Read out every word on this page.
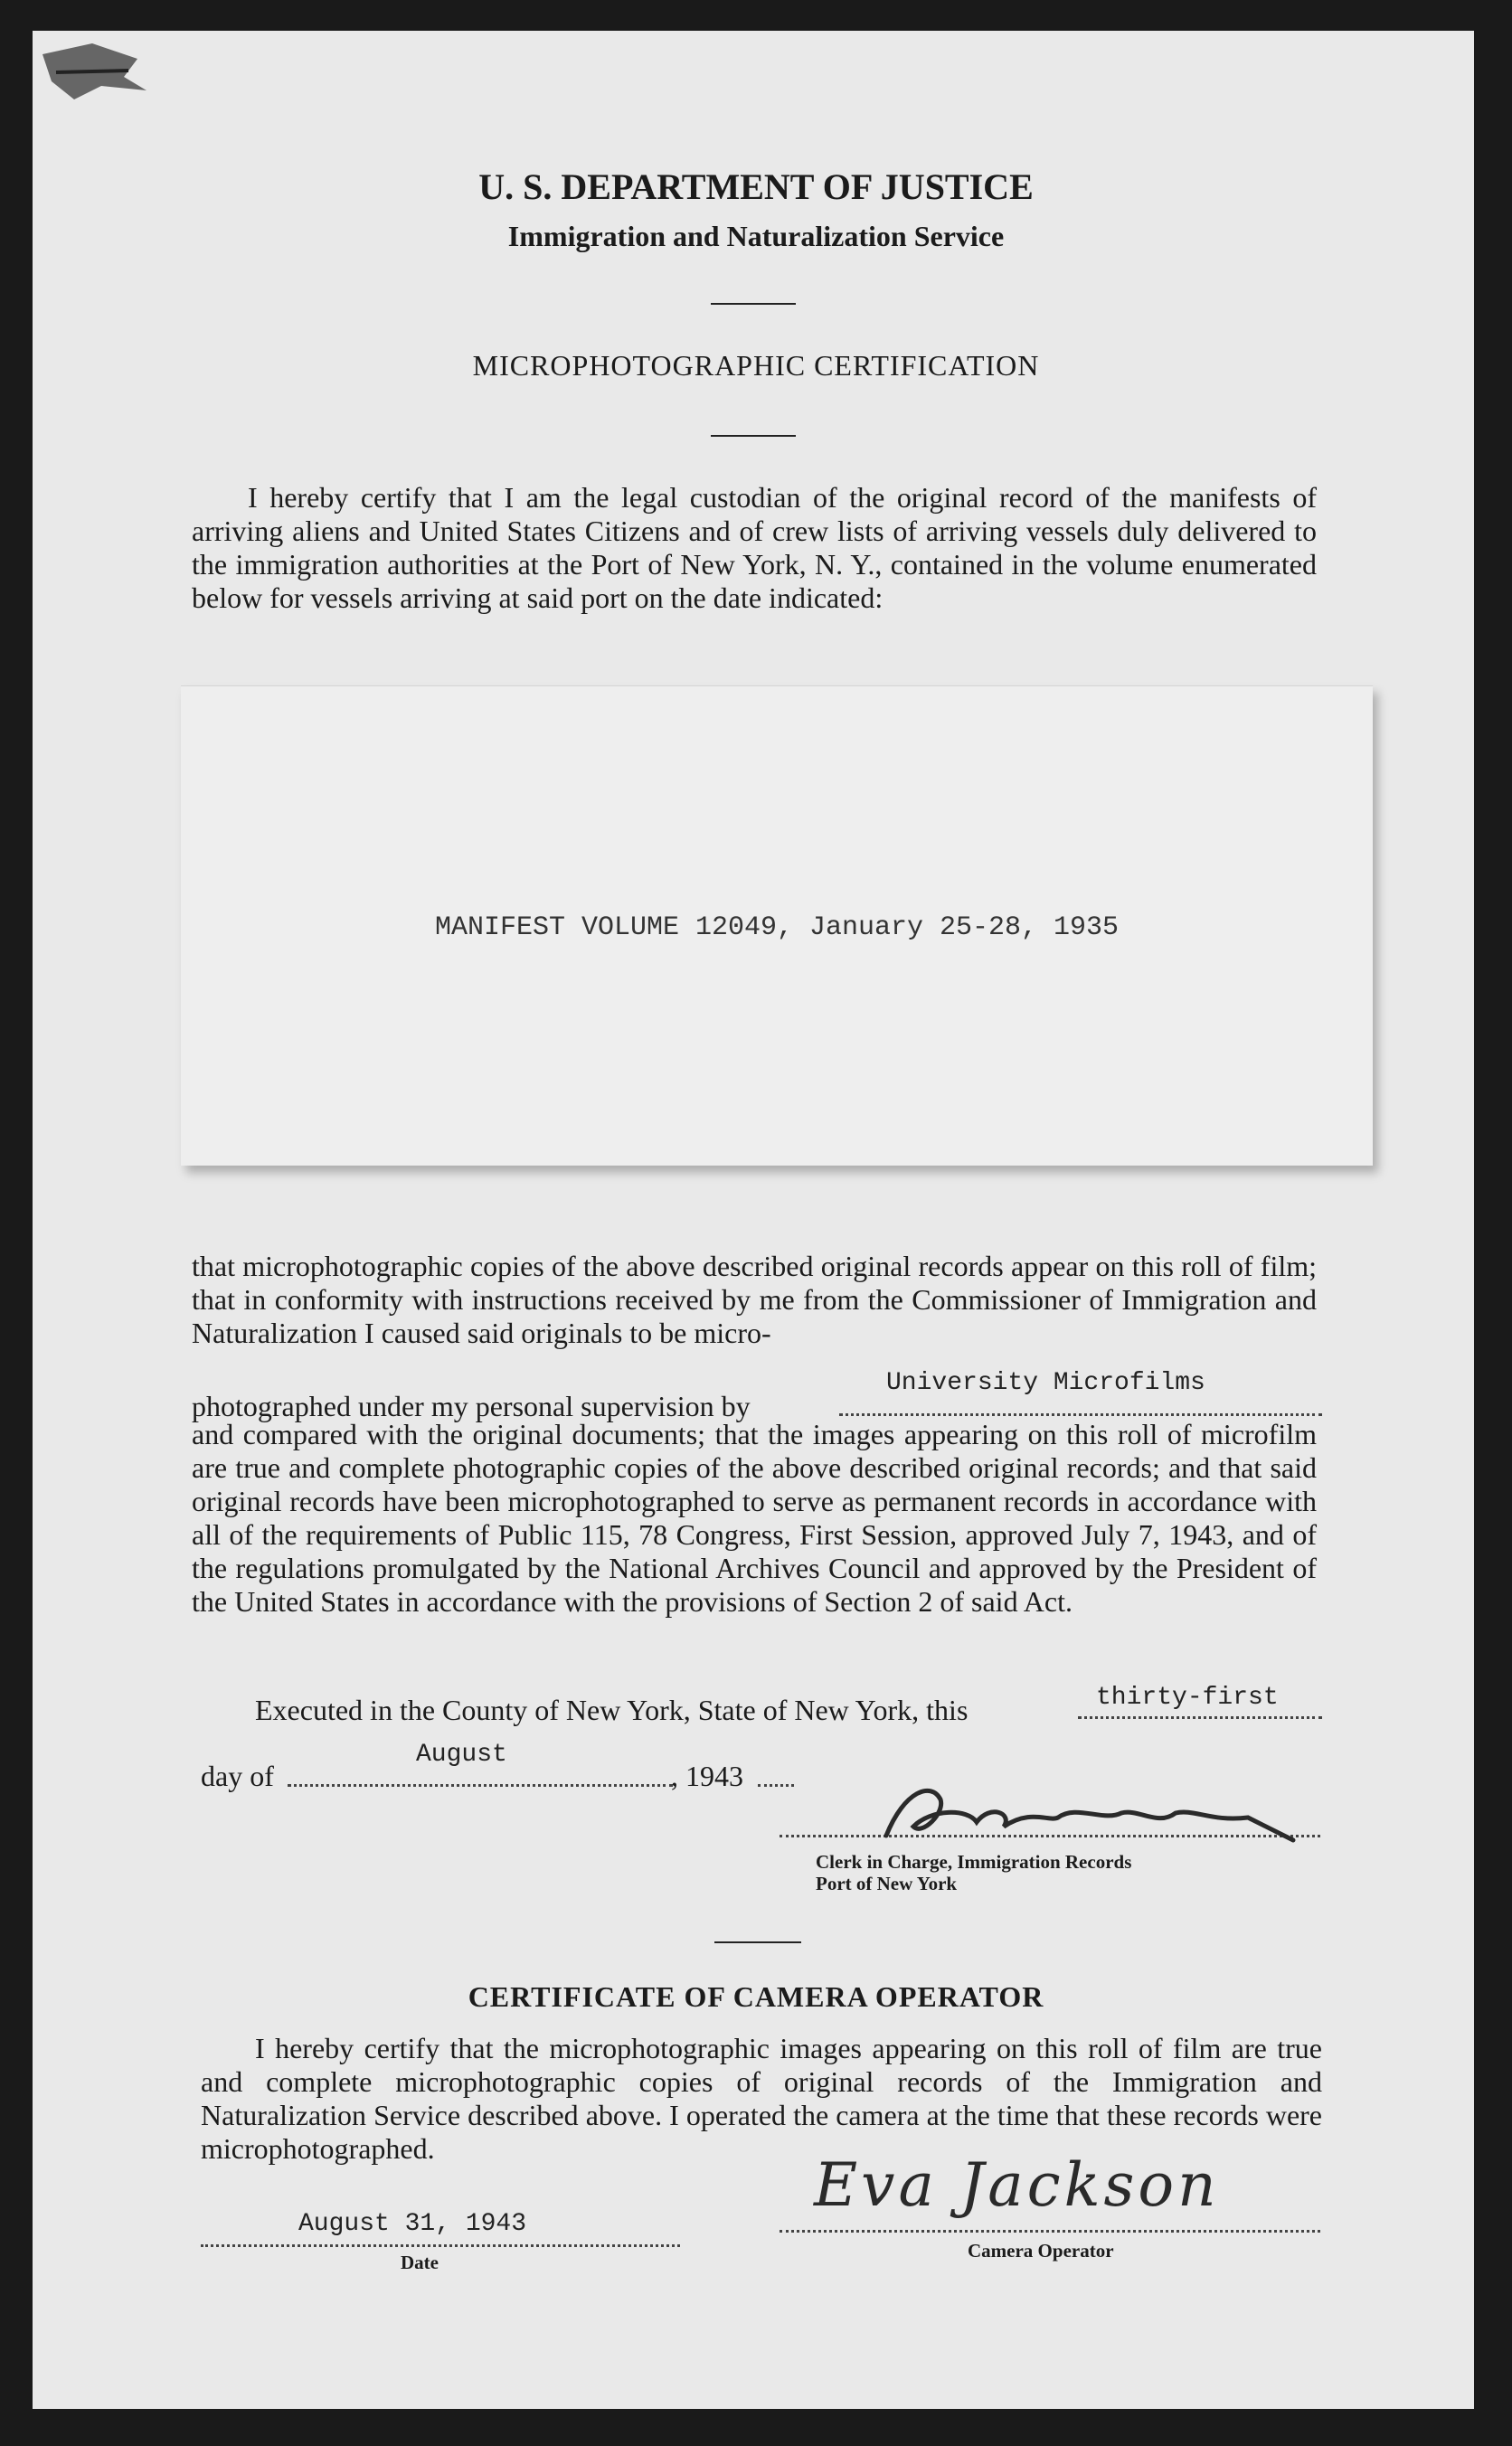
U. S. DEPARTMENT OF JUSTICE
Immigration and Naturalization Service
MICROPHOTOGRAPHIC CERTIFICATION
I hereby certify that I am the legal custodian of the original record of the manifests of arriving aliens and United States Citizens and of crew lists of arriving vessels duly delivered to the immigration authorities at the Port of New York, N. Y., contained in the volume enumerated below for vessels arriving at said port on the date indicated:
MANIFEST VOLUME 12049, January 25-28, 1935
that microphotographic copies of the above described original records appear on this roll of film; that in conformity with instructions received by me from the Commissioner of Immigration and Naturalization I caused said originals to be micro-
photographed under my personal supervision by
University Microfilms
and compared with the original documents; that the images appearing on this roll of microfilm are true and complete photographic copies of the above described original records; and that said original records have been microphotographed to serve as permanent records in accordance with all of the requirements of Public 115, 78 Congress, First Session, approved July 7, 1943, and of the regulations promulgated by the National Archives Council and approved by the President of the United States in accordance with the provisions of Section 2 of said Act.
Executed in the County of New York, State of New York, this	thirty-first
day of
August
, 1943
Clerk in Charge, Immigration Records
Port of New York
CERTIFICATE OF CAMERA OPERATOR
I hereby certify that the microphotographic images appearing on this roll of film are true and complete microphotographic copies of original records of the Immigration and Naturalization Service described above. I operated the camera at the time that these records were microphotographed.
August 31, 1943
Date
Eva Jackson
Camera Operator
